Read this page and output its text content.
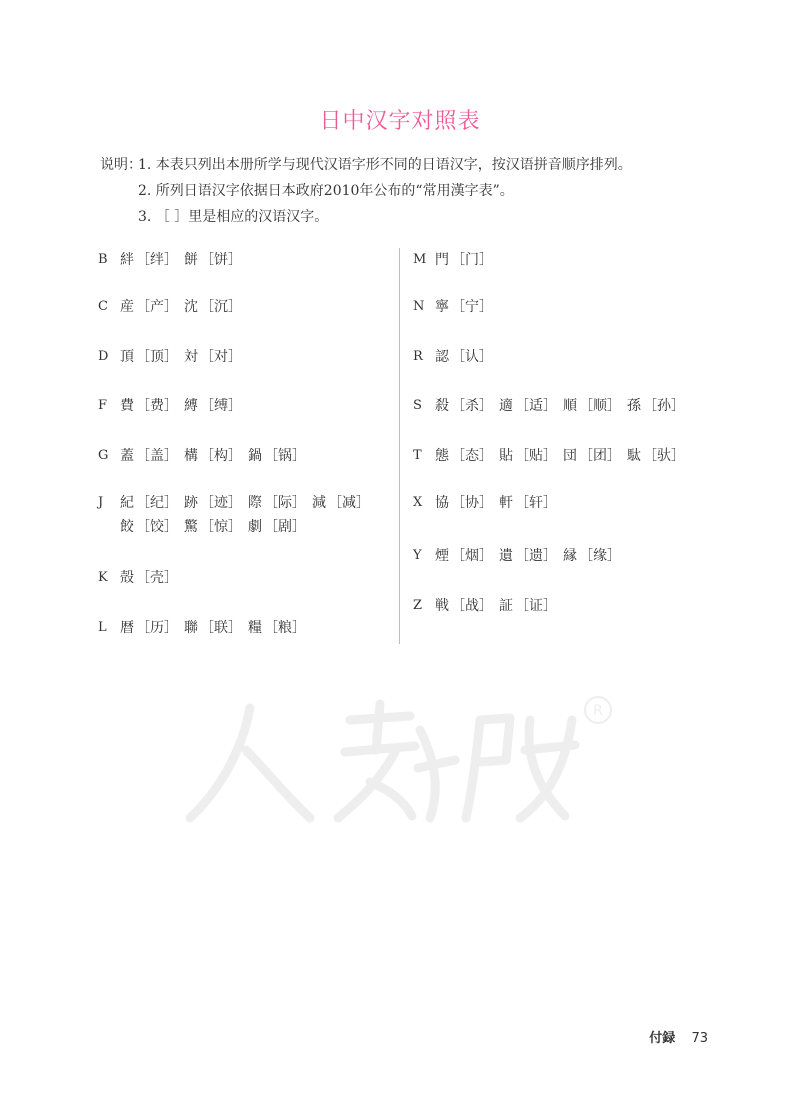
日中汉字对照表
说明：
1. 本表只列出本册所学与现代汉语字形不同的日语汉字，按汉语拼音顺序排列。
2. 所列日语汉字依据日本政府2010年公布的“常用漢字表”。
3. ［ ］里是相应的汉语汉字。
B 絆 ［绊］ 餅 ［饼］
C 産 ［产］ 沈 ［沉］
D 頂 ［顶］ 対 ［对］
F 費 ［费］ 縛 ［缚］
G 蓋 ［盖］ 構 ［构］ 鍋 ［锅］
J	紀 ［纪］ 跡 ［迹］ 際 ［际］ 減 ［减］餃 ［饺］ 驚 ［惊］ 劇 ［剧］
K 殻 ［壳］
L 暦 ［历］ 聯 ［联］ 糧 ［粮］
M 門 ［门］
N 寧 ［宁］
R 認 ［认］
S 殺 ［杀］ 適 ［适］ 順 ［顺］ 孫 ［孙］
T 態 ［态］ 貼 ［贴］ 団 ［团］ 駄 ［驮］
X 協 ［协］ 軒 ［轩］
Y 煙 ［烟］ 遺 ［遗］ 縁 ［缘］
Z 戦 ［战］ 証 ［证］
R
付録 73
